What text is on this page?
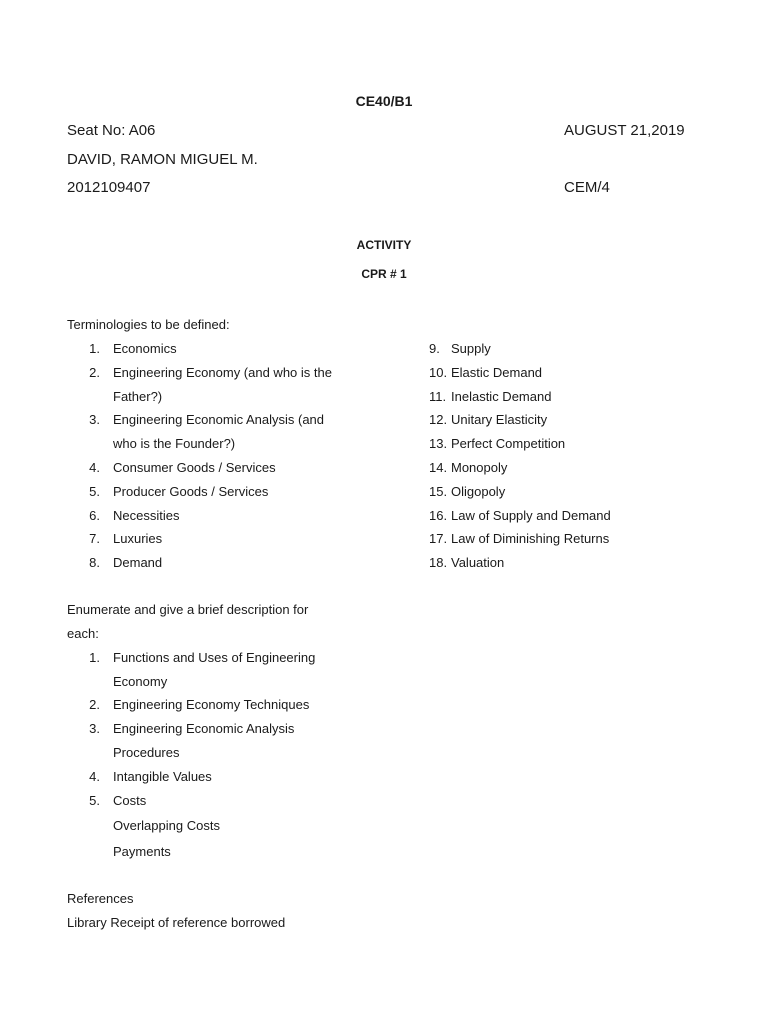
CE40/B1
Seat No: A06	AUGUST 21,2019
DAVID, RAMON MIGUEL M.
2012109407	CEM/4
ACTIVITY
CPR # 1
Terminologies to be defined:
1. Economics
2. Engineering Economy (and who is the
Father?)
3. Engineering Economic Analysis (and
who is the Founder?)
4. Consumer Goods / Services
5. Producer Goods / Services
6. Necessities
7. Luxuries
8. Demand
9. Supply
10. Elastic Demand
11. Inelastic Demand
12. Unitary Elasticity
13. Perfect Competition
14. Monopoly
15. Oligopoly
16. Law of Supply and Demand
17. Law of Diminishing Returns
18. Valuation
Enumerate and give a brief description for
each:
1. Functions and Uses of Engineering
Economy
2. Engineering Economy Techniques
3. Engineering Economic Analysis
Procedures
4. Intangible Values
5. Costs
Overlapping Costs
Payments
References
Library Receipt of reference borrowed
